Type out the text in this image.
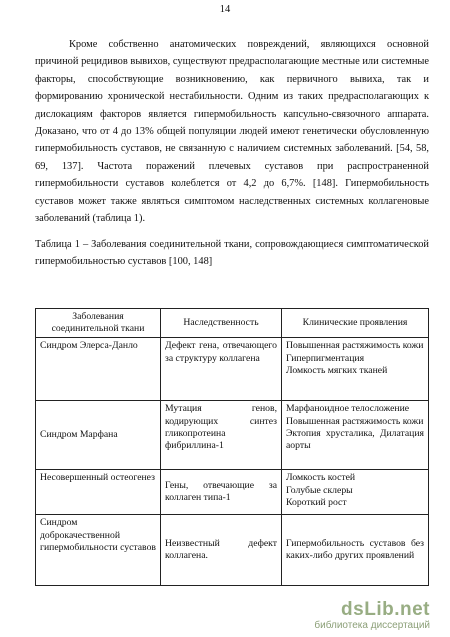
14

Кроме собственно анатомических повреждений, являющихся основной причиной рецидивов вывихов, существуют предрасполагающие местные или системные факторы, способствующие возникновению, как первичного вывиха, так и формированию хронической нестабильности. Одним из таких предрасполагающих к дислокациям факторов является гипермобильность капсульно-связочного аппарата. Доказано, что от 4 до 13% общей популяции людей имеют генетически обусловленную гипермобильность суставов, не связанную с наличием системных заболеваний. [54, 58, 69, 137]. Частота поражений плечевых суставов при распространенной гипермобильности суставов колеблется от 4,2 до 6,7%. [148]. Гипермобильность суставов может также являться симптомом наследственных системных коллагеновые заболеваний (таблица 1).

Таблица 1 – Заболевания соединительной ткани, сопровождающиеся симптоматической гипермобильностью суставов [100, 148]

Заболевания соединительной ткани	Наследственность	Клинические проявления
Синдром Элерса-Данло	Дефект гена, отвечающего за структуру коллагена	Повышенная растяжимость кожи
Гиперпигментация
Ломкость мягких тканей

Синдром Марфана	Мутация генов, кодирующих синтез гликопротеина фибриллина-1	Марфаноидное телосложение
Повышенная растяжимость кожи
Эктопия хрусталика, Дилатация аорты

Несовершенный остеогенез	Гены, отвечающие за коллаген типа-1	Ломкость костей
Голубые склеры
Короткий рост

Синдром доброкачественной гипермобильности суставов	Неизвестный дефект коллагена.	Гипермобильность суставов без каких-либо других проявлений
dsLib.net
библиотека диссертаций
